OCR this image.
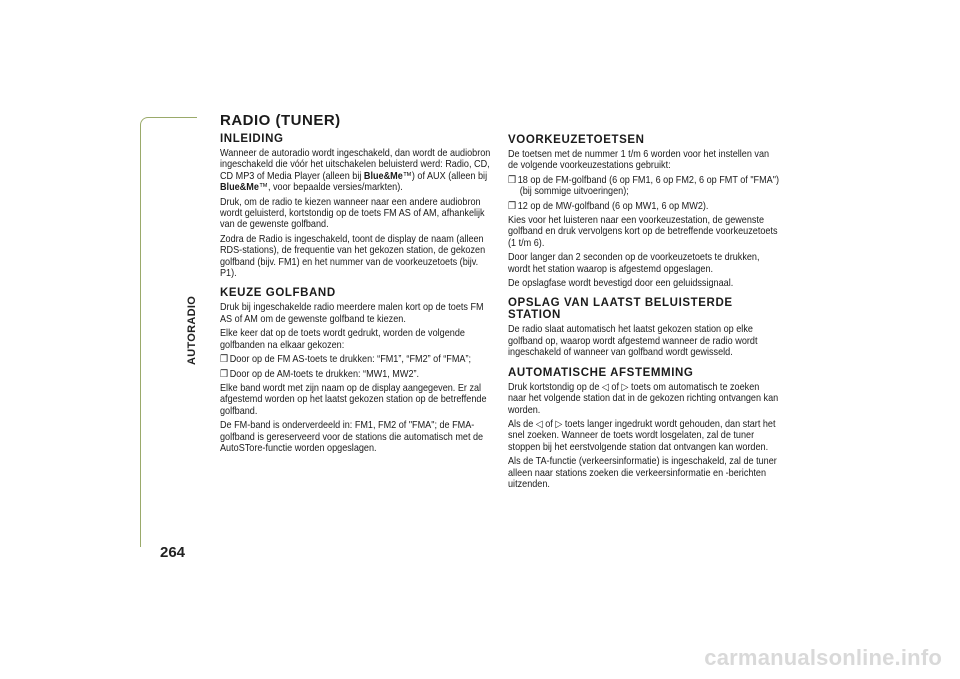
AUTORADIO
264
RADIO (TUNER)
INLEIDING

Wanneer de autoradio wordt ingeschakeld, dan wordt de audiobron ingeschakeld die vóór het uitschakelen beluisterd werd: Radio, CD, CD MP3 of Media Player (alleen bij Blue&Me™) of AUX (alleen bij Blue&Me™, voor bepaalde versies/markten).

Druk, om de radio te kiezen wanneer naar een andere audiobron wordt geluisterd, kortstondig op de toets FM AS of AM, afhankelijk van de gewenste golfband.

Zodra de Radio is ingeschakeld, toont de display de naam (alleen RDS-stations), de frequentie van het gekozen station, de gekozen golfband (bijv. FM1) en het nummer van de voorkeuzetoets (bijv. P1).

KEUZE GOLFBAND

Druk bij ingeschakelde radio meerdere malen kort op de toets FM AS of AM om de gewenste golfband te kiezen.

Elke keer dat op de toets wordt gedrukt, worden de volgende golfbanden na elkaar gekozen:

❒ Door op de FM AS-toets te drukken: “FM1”, “FM2” of “FMA”;

❒ Door op de AM-toets te drukken: “MW1, MW2”.

Elke band wordt met zijn naam op de display aangegeven. Er zal afgestemd worden op het laatst gekozen station op de betreffende golfband.

De FM-band is onderverdeeld in: FM1, FM2 of "FMA"; de FMA-golfband is gereserveerd voor de stations die automatisch met de AutoSTore-functie worden opgeslagen.

VOORKEUZETOETSEN

De toetsen met de nummer 1 t/m 6 worden voor het instellen van de volgende voorkeuzestations gebruikt:

❒ 18 op de FM-golfband (6 op FM1, 6 op FM2, 6 op FMT of "FMA") (bij sommige uitvoeringen);

❒ 12 op de MW-golfband (6 op MW1, 6 op MW2).

Kies voor het luisteren naar een voorkeuzestation, de gewenste golfband en druk vervolgens kort op de betreffende voorkeuzetoets (1 t/m 6).

Door langer dan 2 seconden op de voorkeuzetoets te drukken, wordt het station waarop is afgestemd opgeslagen.

De opslagfase wordt bevestigd door een geluidssignaal.

OPSLAG VAN LAATST BELUISTERDE STATION

De radio slaat automatisch het laatst gekozen station op elke golfband op, waarop wordt afgestemd wanneer de radio wordt ingeschakeld of wanneer van golfband wordt gewisseld.

AUTOMATISCHE AFSTEMMING

Druk kortstondig op de ◁ of ▷ toets om automatisch te zoeken naar het volgende station dat in de gekozen richting ontvangen kan worden.

Als de ◁ of ▷ toets langer ingedrukt wordt gehouden, dan start het snel zoeken. Wanneer de toets wordt losgelaten, zal de tuner stoppen bij het eerstvolgende station dat ontvangen kan worden.

Als de TA-functie (verkeersinformatie) is ingeschakeld, zal de tuner alleen naar stations zoeken die verkeersinformatie en -berichten uitzenden.

carmanualsonline.info
